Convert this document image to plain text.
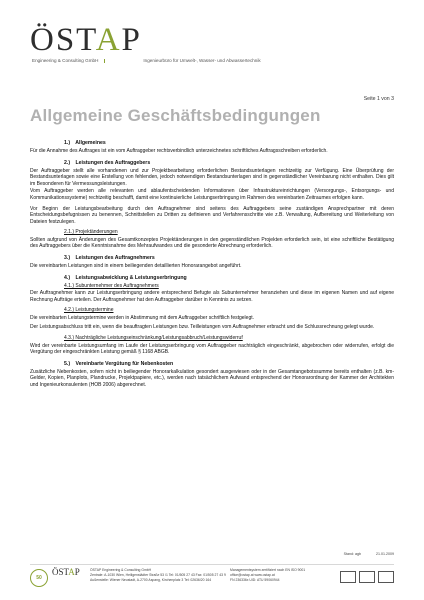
ÖSTAP
Engineering & Consulting GmbH	Ingenieurbüro für Umwelt-, Wasser- und Abwassertechnik
Seite 1 von 3
Allgemeine Geschäftsbedingungen
1.) Allgemeines
Für die Annahme des Auftrages ist ein vom Auftraggeber rechtsverbindlich unterzeichnetes schriftliches Auftragsschreiben erforderlich.
2.) Leistungen des Auftraggebers
Der Auftraggeber stellt alle vorhandenen und zur Projektbearbeitung erforderlichen Bestandsunterlagen rechtzeitig zur Verfügung. Eine Überprüfung der Bestandsunterlagen sowie eine Erstellung von fehlenden, jedoch notwendigen Bestandsunterlagen sind in gegenständlicher Vereinbarung nicht enthalten. Dies gilt im Besonderen für Vermessungsleistungen.
Vom Auftraggeber werden alle relevanten und ablaufentscheidenden Informationen über Infrastruktureinrichtungen (Versorgungs-, Entsorgungs- und Kommunikationssysteme) rechtzeitig beschafft, damit eine kontinuierliche Leistungserbringung im Rahmen des vereinbarten Zeitraumes erfolgen kann.
Vor Beginn der Leistungsbearbeitung durch den Auftragnehmer sind seitens des Auftraggebers seine zuständigen Ansprechpartner mit deren Entscheidungsbefugnissen zu benennen, Schnittstellen zu Dritten zu definieren und Verfahrensschritte wie z.B. Verwaltung, Aufbereitung und Weiterleitung von Dateien festzulegen.
2.1.) Projektänderungen
Sollten aufgrund von Änderungen des Gesamtkonzeptes Projektänderungen in den gegenständlichen Projekten erforderlich sein, ist eine schriftliche Bestätigung des Auftraggebers über die Kenntnisnahme des Mehraufwandes und die gesonderte Abrechnung erforderlich.
3.) Leistungen des Auftragnehmers
Die vereinbarten Leistungen sind in einem beiliegenden detaillierten Honorarangebot angeführt.
4.) Leistungsabwicklung & Leistungserbringung
4.1.) Subunternehmer des Auftragnehmers
Der Auftragnehmer kann zur Leistungserbringung andere entsprechend Befugte als Subunternehmer heranziehen und diese im eigenen Namen und auf eigene Rechnung Aufträge erteilen. Der Auftragnehmer hat den Auftraggeber darüber in Kenntnis zu setzen.
4.2.) Leistungstermine
Die vereinbarten Leistungstermine werden in Abstimmung mit dem Auftraggeber schriftlich festgelegt.
Der Leistungsabschluss tritt ein, wenn die beauftragten Leistungen bzw. Teilleistungen vom Auftragnehmer erbracht und die Schlussrechnung gelegt wurde.
4.3.) Nachträgliche Leistungseinschränkung/Leistungsabbruch/Leistungswiderruf
Wird der vereinbarte Leistungsumfang im Laufe der Leistungserbringung vom Auftraggeber nachträglich eingeschränkt, abgebrochen oder widerrufen, erfolgt die Vergütung der eingeschränkten Leistung gemäß § 1168 ABGB.
5.) Vereinbarte Vergütung für Nebenkosten
Zusätzliche Nebenkosten, sofern nicht in beiliegender Honorarkalkulation gesondert ausgewiesen oder in der Gesamtangebotssumme bereits enthalten (z.B. km-Gelder, Kopien, Planplots, Plandrucke, Projektpapiere, etc.), werden nach tatsächlichem Aufwand entsprechend der Honorarordnung der Kammer der Architekten und Ingenieurkonsulenten (HOB 2006) abgerechnet.
Stand: agb	21.01.2009
50
ÖSTAP	ÖSTAP Engineering & Consulting GmbH
Zentrale: A-1030 Wien, Heiligenstädter Straße 53 /1 Tel: 01/505 27 43 Fax: 01/505 27 43 9
Außenstelle: Wiener Neustadt, A-2700 Aspang, Kirchenplatz 3 Tel: 02636/20 164
Managementsystem zertifiziert nach EN ISO 9001
office@ostap.at www.ostap.at
FN 236336x UID: ATU 59060944
